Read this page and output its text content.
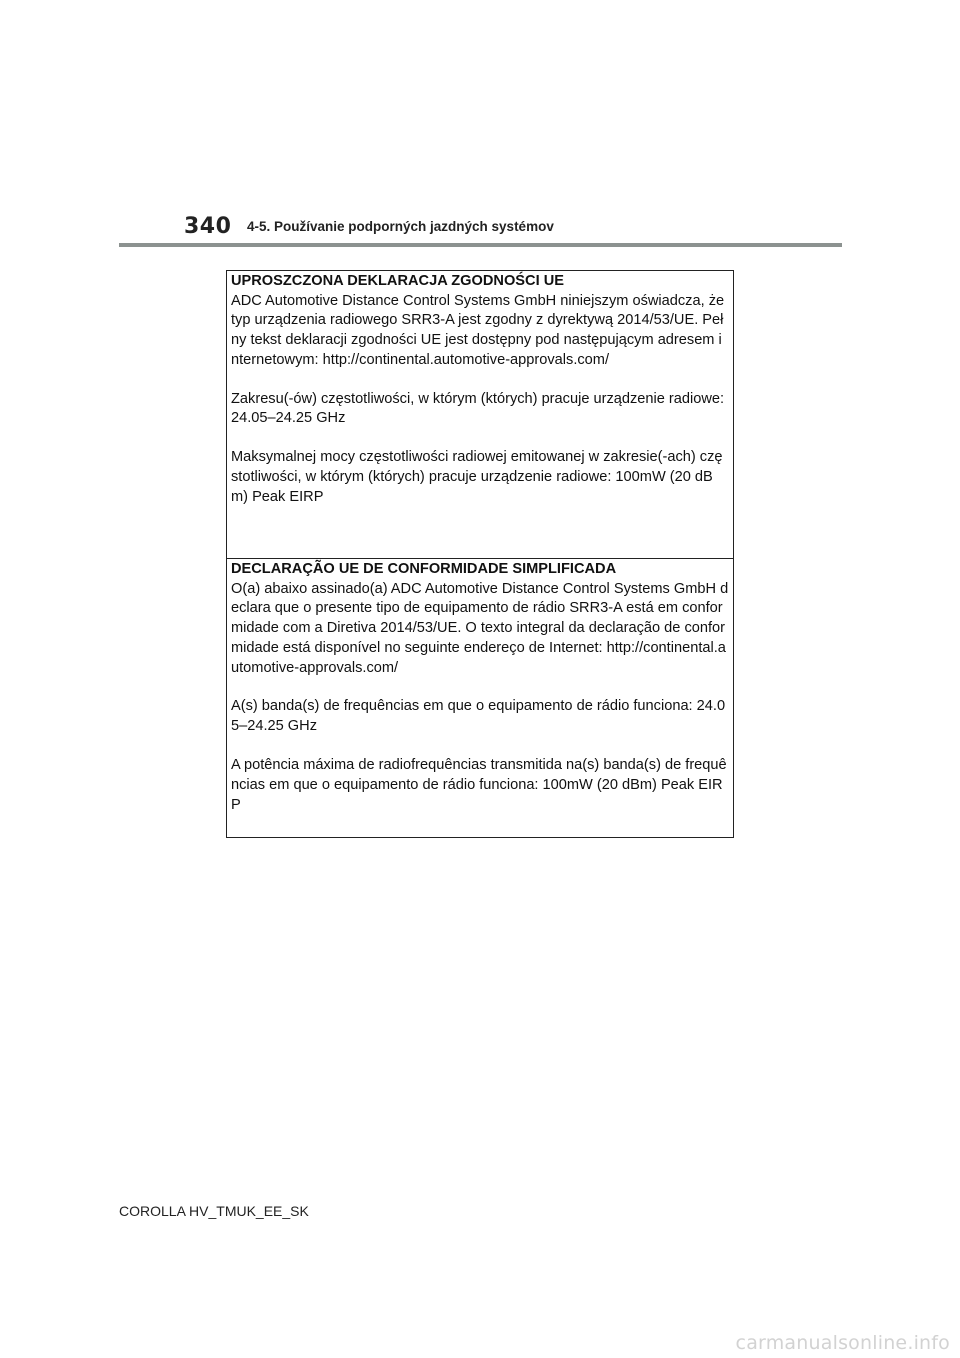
340 4-5. Používanie podporných jazdných systémov

UPROSZCZONA DEKLARACJA ZGODNOŚCI UE

ADC Automotive Distance Control Systems GmbH niniejszym oświadcza, że typ urządzenia radiowego SRR3-A jest zgodny z dyrektywą 2014/53/UE. Pełny tekst deklaracji zgodności UE jest dostępny pod następującym adresem internetowym: http://continental.automotive-approvals.com/

Zakresu(-ów) częstotliwości, w którym (których) pracuje urządzenie radiowe: 24.05–24.25 GHz

Maksymalnej mocy częstotliwości radiowej emitowanej w zakresie(-ach) częstotliwości, w którym (których) pracuje urządzenie radiowe: 100mW (20 dBm) Peak EIRP

DECLARAÇÃO UE DE CONFORMIDADE SIMPLIFICADA

O(a) abaixo assinado(a) ADC Automotive Distance Control Systems GmbH declara que o presente tipo de equipamento de rádio SRR3-A está em conformidade com a Diretiva 2014/53/UE. O texto integral da declaração de conformidade está disponível no seguinte endereço de Internet: http://continental.automotive-approvals.com/

A(s) banda(s) de frequências em que o equipamento de rádio funciona: 24.05–24.25 GHz

A potência máxima de radiofrequências transmitida na(s) banda(s) de frequências em que o equipamento de rádio funciona: 100mW (20 dBm) Peak EIRP

COROLLA HV_TMUK_EE_SK
carmanualsonline.info
